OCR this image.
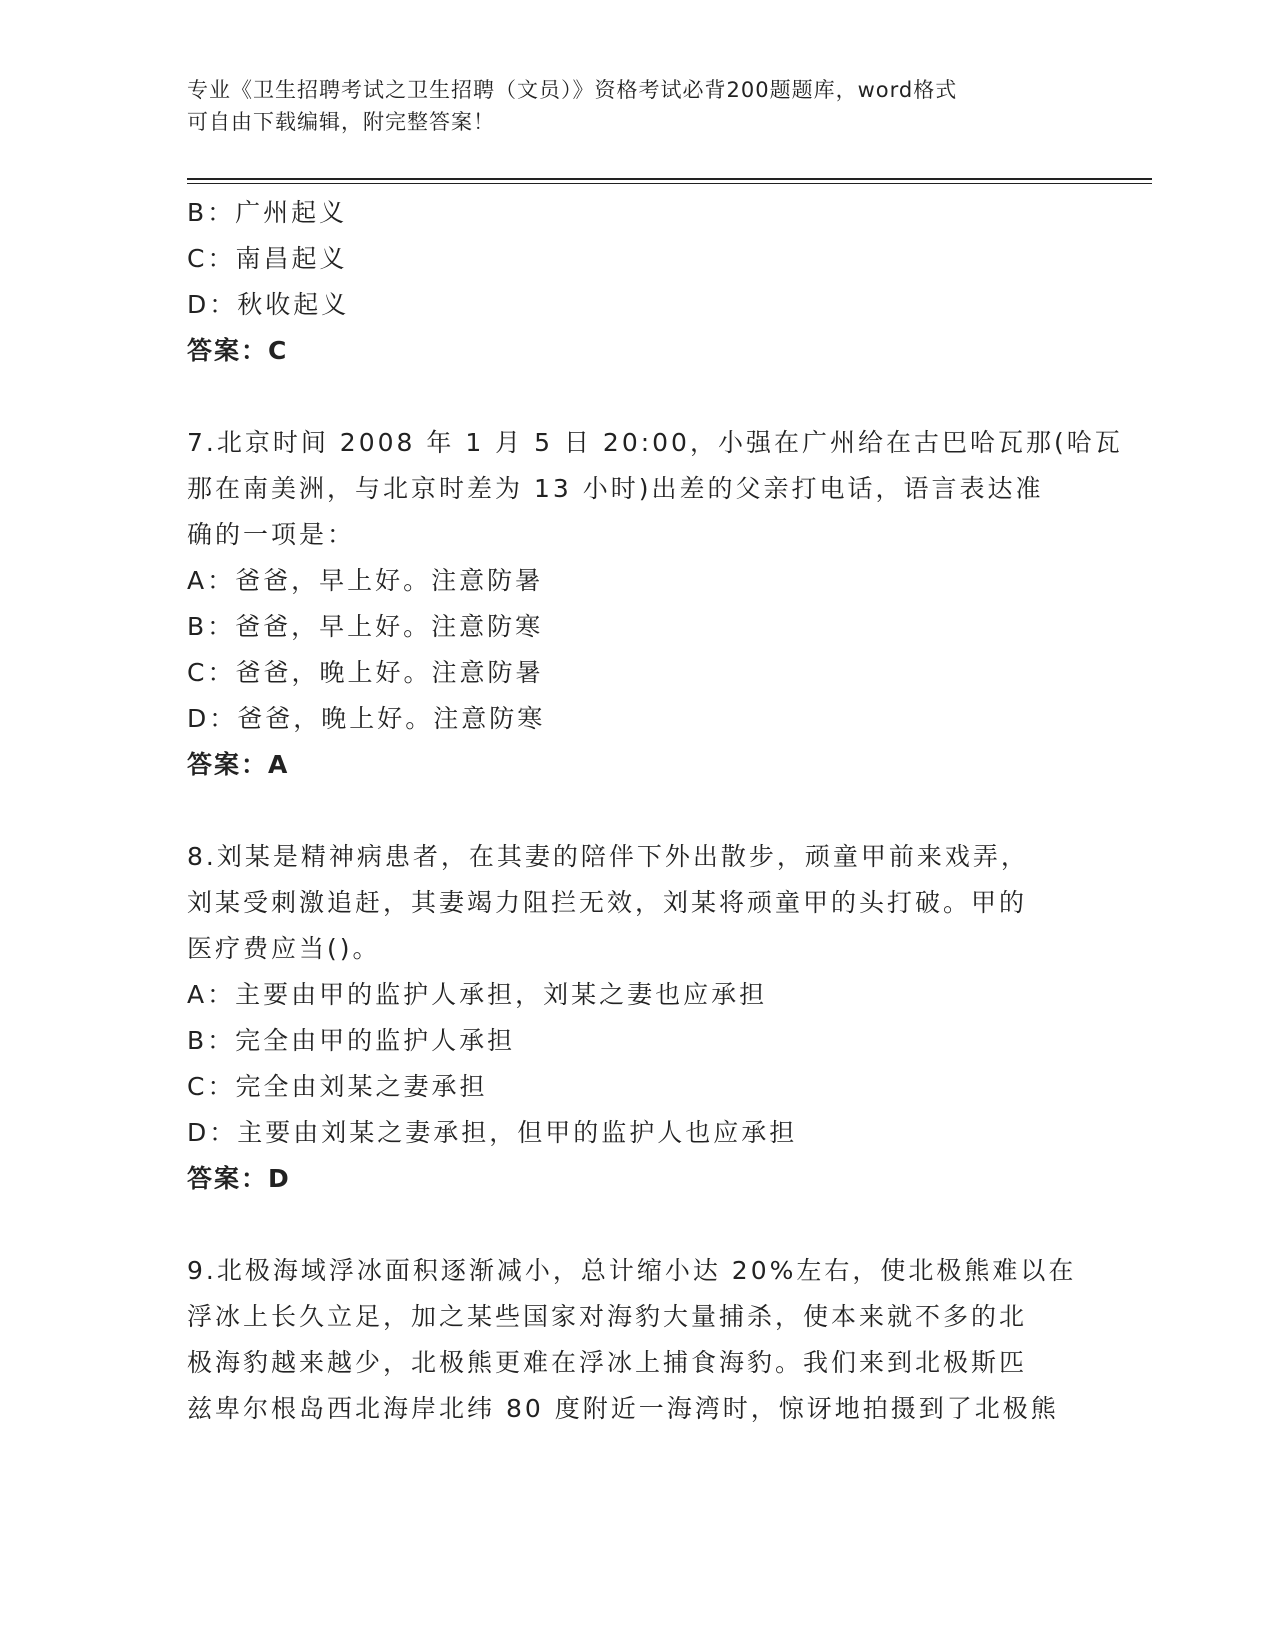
专业《卫生招聘考试之卫生招聘（文员）》资格考试必背200题题库，word格式
可自由下载编辑，附完整答案！
B：广州起义
C：南昌起义
D：秋收起义
答案：C
7.北京时间 2008 年 1 月 5 日 20:00，小强在广州给在古巴哈瓦那(哈瓦
那在南美洲，与北京时差为 13 小时)出差的父亲打电话，语言表达准
确的一项是：
A：爸爸，早上好。注意防暑
B：爸爸，早上好。注意防寒
C：爸爸，晚上好。注意防暑
D：爸爸，晚上好。注意防寒
答案：A
8.刘某是精神病患者，在其妻的陪伴下外出散步，顽童甲前来戏弄，
刘某受刺激追赶，其妻竭力阻拦无效，刘某将顽童甲的头打破。甲的
医疗费应当()。
A：主要由甲的监护人承担，刘某之妻也应承担
B：完全由甲的监护人承担
C：完全由刘某之妻承担
D：主要由刘某之妻承担，但甲的监护人也应承担
答案：D
9.北极海域浮冰面积逐渐减小，总计缩小达 20%左右，使北极熊难以在
浮冰上长久立足，加之某些国家对海豹大量捕杀，使本来就不多的北
极海豹越来越少，北极熊更难在浮冰上捕食海豹。我们来到北极斯匹
兹卑尔根岛西北海岸北纬 80 度附近一海湾时，惊讶地拍摄到了北极熊
